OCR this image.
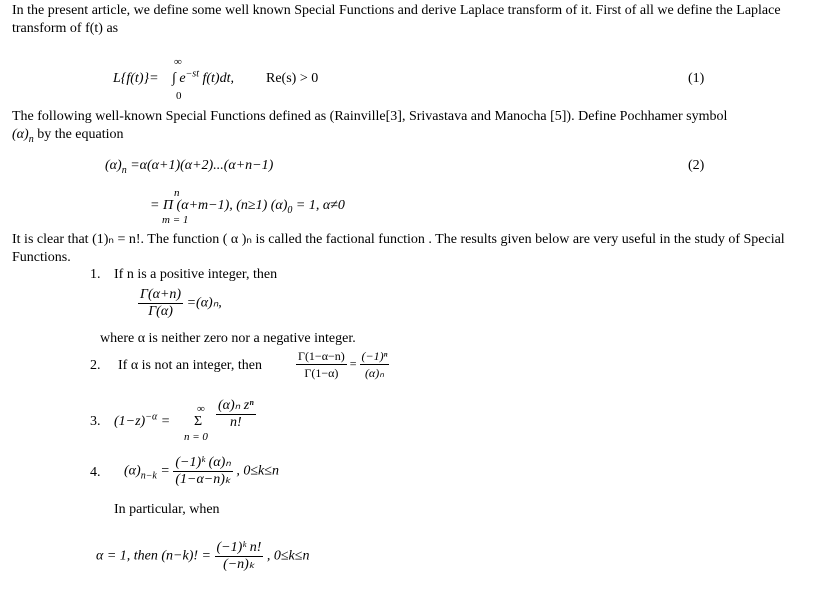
In the present article, we define some well known Special Functions and derive Laplace transform of it. First of all we define the Laplace transform of f(t) as
L{f(t)}=
∞
0
∫ $e^{-st}$ f(t)dt, Re(s) > 0	(1)
The following well-known Special Functions defined as (Rainville[3], Srivastava and Manocha [5]). Define Pochhamer symbol
$(\alpha)_n$ by the equation
$(\alpha)_n =\alpha(\alpha+1)(\alpha+2)...(\alpha+n-1)$	(2)
n
m = 1
= Π (α+m−1), (n≥1) $(\alpha)_0 = 1$, α≠0
It is clear that (1)ₙ = n!. The function ( α )ₙ is called the factional function . The results given below are very useful in the study of Special Functions.
1. If n is a positive integer, then
$\frac{\Gamma(\alpha+n)}{\Gamma(\alpha)} =(\alpha)_n$,
where α is neither zero nor a negative integer.
2. If α is not an integer, then	$\frac{\Gamma(1-\alpha-n)}{\Gamma(1-\alpha)} = \frac{\text{(−1)ⁿ}}{\text{(α)ₙ}}$
3. $(1-z)^{-\alpha}$ =
∞
Σ
n = 0
$\frac{\text{(α)ₙ zⁿ}}{n!}$
4. $(\alpha)_{n-k} = \frac{\text{(−1)ᵏ (α)ₙ}}{\text{(1−α−n)ₖ}}$ , 0≤k≤n
In particular, when
α = 1, then (n−k)! = $\frac{\text{(−1)ᵏ n!}}{\text{(−n)ₖ}}$ , 0≤k≤n
